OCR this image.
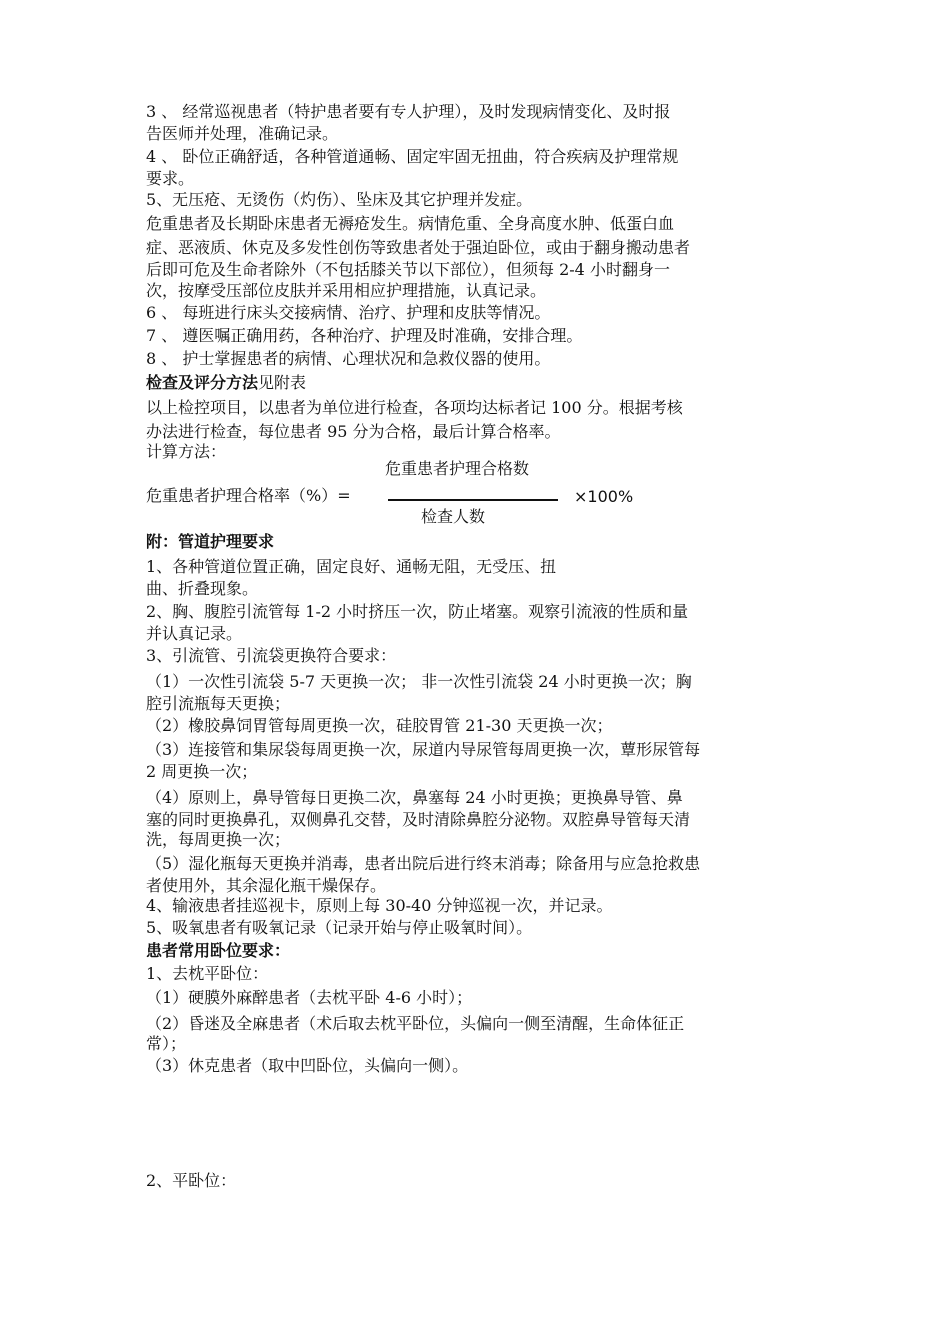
3 、 经常巡视患者（特护患者要有专人护理），及时发现病情变化、及时报
告医师并处理，准确记录。
4 、 卧位正确舒适，各种管道通畅、固定牢固无扭曲，符合疾病及护理常规
要求。
5、无压疮、无烫伤（灼伤）、坠床及其它护理并发症。
危重患者及长期卧床患者无褥疮发生。病情危重、全身高度水肿、低蛋白血
症、恶液质、休克及多发性创伤等致患者处于强迫卧位，或由于翻身搬动患者
后即可危及生命者除外（不包括膝关节以下部位），但须每 2-4 小时翻身一
次，按摩受压部位皮肤并采用相应护理措施，认真记录。
6 、 每班进行床头交接病情、治疗、护理和皮肤等情况。
7 、 遵医嘱正确用药，各种治疗、护理及时准确，安排合理。
8 、 护士掌握患者的病情、心理状况和急救仪器的使用。
检查及评分方法见附表
以上检控项目，以患者为单位进行检查，各项均达标者记 100 分。根据考核
办法进行检查，每位患者 95 分为合格，最后计算合格率。
计算方法：
危重患者护理合格数
危重患者护理合格率（%）=	×100%
检查人数
附：管道护理要求
1、各种管道位置正确，固定良好、通畅无阻，无受压、扭
曲、折叠现象。
2、胸、腹腔引流管每 1-2 小时挤压一次，防止堵塞。观察引流液的性质和量
并认真记录。
3、引流管、引流袋更换符合要求：
（1）一次性引流袋 5-7 天更换一次； 非一次性引流袋 24 小时更换一次；胸
腔引流瓶每天更换；
（2）橡胶鼻饲胃管每周更换一次，硅胶胃管 21-30 天更换一次；
（3）连接管和集尿袋每周更换一次，尿道内导尿管每周更换一次，蕈形尿管每
2 周更换一次；
（4）原则上，鼻导管每日更换二次，鼻塞每 24 小时更换；更换鼻导管、鼻
塞的同时更换鼻孔，双侧鼻孔交替，及时清除鼻腔分泌物。双腔鼻导管每天清
洗，每周更换一次；
（5）湿化瓶每天更换并消毒，患者出院后进行终末消毒；除备用与应急抢救患
者使用外，其余湿化瓶干燥保存。
4、输液患者挂巡视卡，原则上每 30-40 分钟巡视一次，并记录。
5、吸氧患者有吸氧记录（记录开始与停止吸氧时间）。
患者常用卧位要求：
1、去枕平卧位：
（1）硬膜外麻醉患者（去枕平卧 4-6 小时）；
（2）昏迷及全麻患者（术后取去枕平卧位，头偏向一侧至清醒，生命体征正
常）；
（3）休克患者（取中凹卧位，头偏向一侧）。
2、平卧位：
